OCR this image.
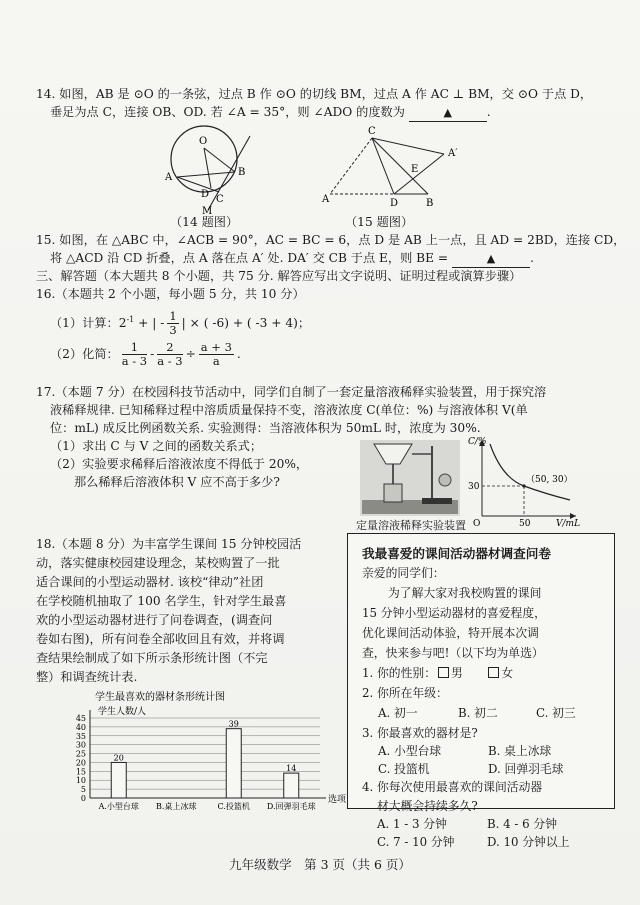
14. 如图，AB 是 ⊙O 的一条弦，过点 B 作 ⊙O 的切线 BM，过点 A 作 AC ⊥ BM，交 ⊙O 于点 D，
垂足为点 C，连接 OB、OD. 若 ∠A = 35°，则 ∠ADO 的度数为	▲	.
O
A	B
D C
M
（14 题图）
C
A′
E
A	D	B
（15 题图）
15. 如图，在 △ABC 中，∠ACB = 90°，AC = BC = 6，点 D 是 AB 上一点，且 AD = 2BD，连接 CD，
将 △ACD 沿 CD 折叠，点 A 落在点 A′ 处. DA′ 交 CB 于点 E，则 BE =	▲	.
三、解答题（本大题共 8 个小题，共 75 分. 解答应写出文字说明、证明过程或演算步骤）
16.（本题共 2 个小题，每小题 5 分，共 10 分）
（1）计算：$2^{-1}$ + | - $\frac{1}{3}$ | × ( -6) + ( -3 + 4)；
（2）化简： $\frac{1}{a - 3} - \frac{2}{a - 3} \div \frac{a + 3}{a}$ .
17.（本题 7 分）在校园科技节活动中，同学们自制了一套定量溶液稀释实验装置，用于探究溶
液稀释规律. 已知稀释过程中溶质质量保持不变，溶液浓度 C(单位：%) 与溶液体积 V(单
位：mL) 成反比例函数关系. 实验测得：当溶液体积为 50mL 时，浓度为 30%.
（1）求出 C 与 V 之间的函数关系式；
（2）实验要求稀释后溶液浓度不得低于 20%，
那么稀释后溶液体积 V 应不高于多少?
定量溶液稀释实验装置
C/%
V/mL
O	50
30
（50, 30）
18.（本题 8 分）为丰富学生课间 15 分钟校园活
动，落实健康校园建设理念，某校购置了一批
适合课间的小型运动器材. 该校“律动”社团
在学校随机抽取了 100 名学生，针对学生最喜
欢的小型运动器材进行了问卷调查，(调查问
卷如右图)，所有问卷全部收回且有效，并将调
查结果绘制成了如下所示条形统计图（不完
整）和调查统计表.
学生最喜欢的器材条形统计图
学生人数/人
0
5
10
15
20
25
30
35
40
45
20
A.小型台球 B.桌上冰球
39
C.投篮机
14
D.回弹羽毛球
选项
我最喜爱的课间活动器材调查问卷
亲爱的同学们：
为了解大家对我校购置的课间
15 分钟小型运动器材的喜爱程度，
优化课间活动体验，特开展本次调
查，快来参与吧!（以下均为单选）
1. 你的性别： 男　　	女
2. 你所在年级：
A. 初一	B. 初二	C. 初三
3. 你最喜欢的器材是?
A. 小型台球	B. 桌上冰球
C. 投篮机	D. 回弹羽毛球
4. 你每次使用最喜欢的课间活动器
材大概会持续多久?
A. 1 - 3 分钟	B. 4 - 6 分钟
C. 7 - 10 分钟	D. 10 分钟以上
九年级数学　第 3 页（共 6 页）
